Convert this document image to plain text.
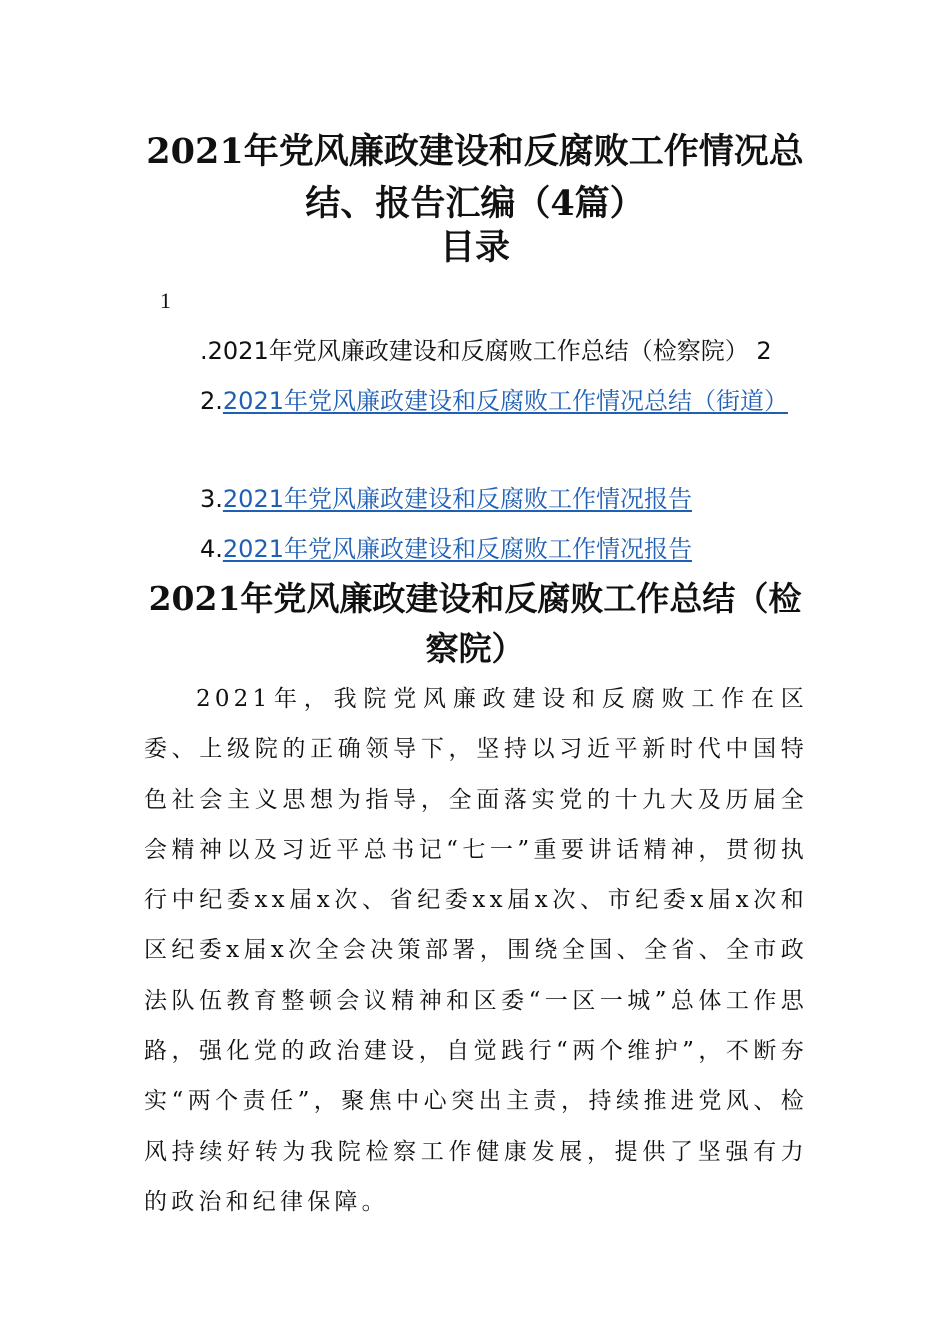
2021年党风廉政建设和反腐败工作情况总结、报告汇编（4篇）
目录
1
.2021年党风廉政建设和反腐败工作总结（检察院） 2
2.2021年党风廉政建设和反腐败工作情况总结（街道）
3.2021年党风廉政建设和反腐败工作情况报告
4.2021年党风廉政建设和反腐败工作情况报告
2021年党风廉政建设和反腐败工作总结（检察院）
2021年，我院党风廉政建设和反腐败工作在区委、上级院的正确领导下，坚持以习近平新时代中国特色社会主义思想为指导，全面落实党的十九大及历届全会精神以及习近平总书记“七一”重要讲话精神，贯彻执行中纪委xx届x次、省纪委xx届x次、市纪委x届x次和区纪委x届x次全会决策部署，围绕全国、全省、全市政法队伍教育整顿会议精神和区委“一区一城”总体工作思路，强化党的政治建设，自觉践行“两个维护”，不断夯实“两个责任”，聚焦中心突出主责，持续推进党风、检风持续好转为我院检察工作健康发展，提供了坚强有力的政治和纪律保障。
